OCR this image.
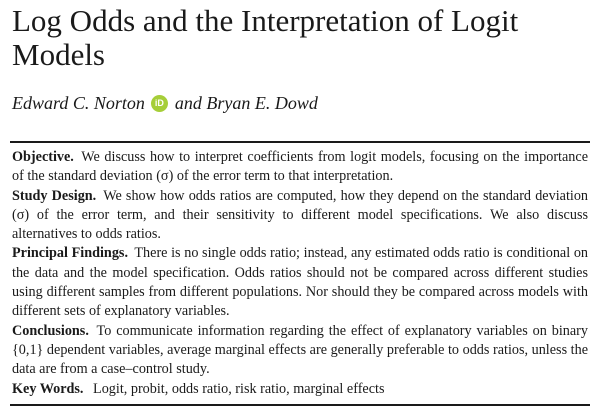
Log Odds and the Interpretation of Logit Models
Edward C. Norton	iD and Bryan E. Dowd

Objective. We discuss how to interpret coefficients from logit models, focusing on the importance of the standard deviation (σ) of the error term to that interpretation.

Study Design. We show how odds ratios are computed, how they depend on the standard deviation (σ) of the error term, and their sensitivity to different model specifications. We also discuss alternatives to odds ratios.

Principal Findings. There is no single odds ratio; instead, any estimated odds ratio is conditional on the data and the model specification. Odds ratios should not be compared across different studies using different samples from different populations. Nor should they be compared across models with different sets of explanatory variables.

Conclusions. To communicate information regarding the effect of explanatory variables on binary {0,1} dependent variables, average marginal effects are generally preferable to odds ratios, unless the data are from a case–control study.

Key Words. Logit, probit, odds ratio, risk ratio, marginal effects
